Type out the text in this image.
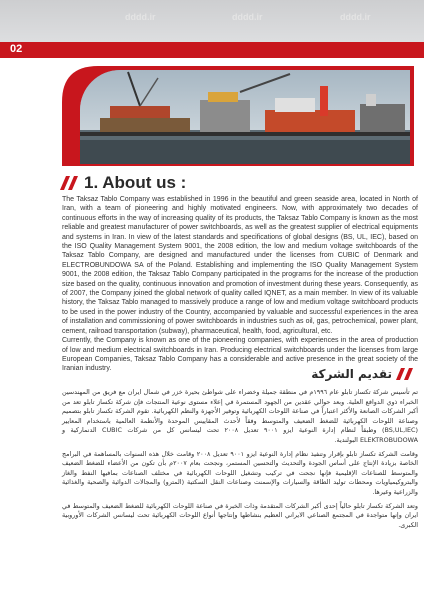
dddd.ir	dddd.ir	dddd.ir
02
1. About us :

The Taksaz Tablo Company was established in 1996 in the beautiful and green seaside area, located in North of Iran, with a team of pioneering and highly motivated engineers. Now, with approximately two decades of continuous efforts in the way of increasing quality of its products, the Taksaz Tablo Company is known as the most reliable and greatest manufacturer of power switchboards, as well as the greatest supplier of electrical equipments and systems in Iran. In view of the latest standards and specifications of global designs (BS, UL, IEC), based on the ISO Quality Management System 9001, the 2008 edition, the low and medium voltage switchboards of the Taksaz Tablo Company, are designed and manufactured under the licenses from CUBIC of Denmark and ELECTROBUNDOWA SA of the Poland. Establishing and implementing the ISO Quality Management System 9001, the 2008 edition, the Taksaz Tablo Company participated in the programs for the increase of the production size based on the quality, continuous innovation and promotion of investment during these years. Consequently, as of 2007, the Company joined the global network of quality called IQNET, as a main member. In view of its valuable history, the Taksaz Tablo managed to massively produce a range of low and medium voltage switchboard products to be used in the power industry of the Country, accompanied by valuable and successful experiences in the area of installation and commissioning of power switchboards in industries such as oil, gas, petrochemical, power plant, cement, railroad transportation (subway), pharmaceutical, health, food, agricultural, etc.

Currently, the Company is known as one of the pioneering companies, with experiences in the area of production of low and medium electrical switchboards in Iran. Producing electrical switchboards under the licenses from large European Companies, Taksaz Tablo Company has a considerable and active presence in the great society of the Iranian industry.	تقديم الشركة

تم تأسيس شركة تكساز تابلو عام ١٩٩٦م في منطقة جميلة وخضراء على شواطئ بحيرة خزر في شمال ايران مع فريق من المهندسين الخبراء ذوي الدوافع العلية. وبعد حوالي عقدين من الجهود المستمرة في إعلاء مستوى نوعية المنتجات فإن شركة تكساز تابلو تعد من أكبر الشركات الصانعة والأكثر اعتباراً في صناعة اللوحات الكهربائية وتوفير الأجهزة والنظم الكهربائية. تقوم الشركة تكساز تابلو بتصميم وصناعة اللوحات الكهربائية للضغط الضعيف والمتوسط وفقاً لأحدث المقاييس الموحدة والأنظمة العالمية باستخدام المعايير (BS,UL,IEC) وطبقاً لنظام إدارة النوعية ايزو ٩٠٠١ تعديل ٢٠٠٨ تحت ليسانس كل من شركات CUBIC الدنماركية و ELEKTROBUDOWA البولندية.

وقامت الشركة تكساز تابلو بإقرار وتنفيذ نظام إدارة النوعية ايزو ٩٠٠١ تعديل ٢٠٠٨ وقامت خلال هذه السنوات بالمساهمة في البرامج الخاصة بزيادة الإنتاج على أساس الجودة والتحديث والتحسين المستمر، ونجحت بعام ٢٠٠٧م بأن تكون من الأعضاء للضغط الضعيف والمتوسط للصناعات الإقليمية فإنها نجحت في تركيب وتشغيل اللوحات الكهربائية في مختلف الصناعات بمافيها النفط والغاز والبتروكيمياويات ومحطات توليد الطاقة والسيارات والإسمنت وصناعات النقل السكتية (المترو) والمجالات الدوائية والصحية والغذائية والزراعية وغيرها.

وتعد الشركة تكساز تابلو حالياً إحدى أكبر الشركات المتقدمة وذات الخبرة في صناعة اللوحات الكهربائية للضغط الضعيف والمتوسط في ايران وإنها متواجدة في المجتمع الصناعي الايراني العظيم بنشاطها وإنتاجها أنواع اللوحات الكهربائية تحت ليسانس الشركات الأوروبية الكبرى.
